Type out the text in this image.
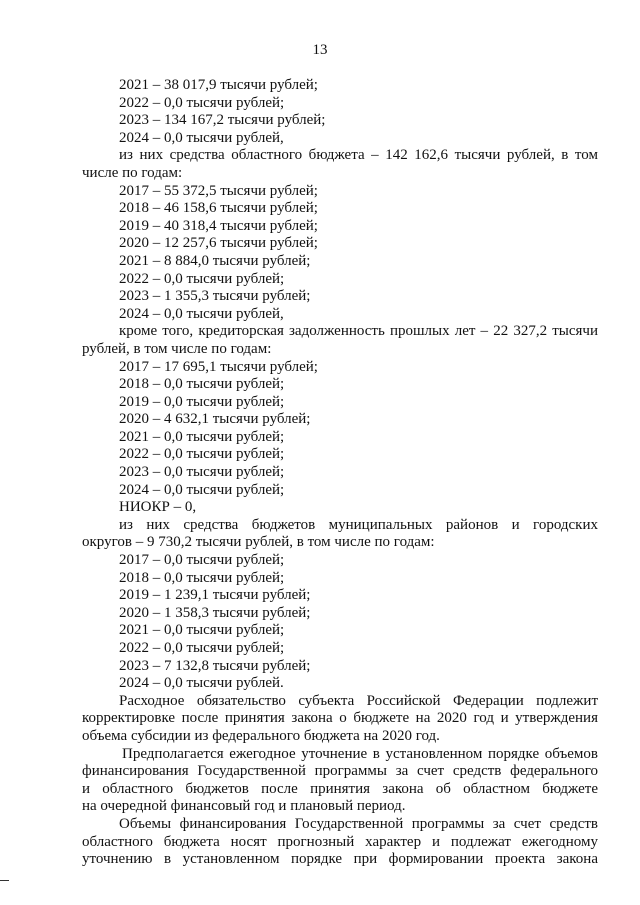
13
2021 – 38 017,9 тысячи рублей;
2022 – 0,0 тысячи рублей;
2023 – 134 167,2 тысячи рублей;
2024 – 0,0 тысячи рублей,
из них средства областного бюджета – 142 162,6 тысячи рублей, в том
числе по годам:
2017 – 55 372,5 тысячи рублей;
2018 – 46 158,6 тысячи рублей;
2019 – 40 318,4 тысячи рублей;
2020 – 12 257,6 тысячи рублей;
2021 – 8 884,0 тысячи рублей;
2022 – 0,0 тысячи рублей;
2023 – 1 355,3 тысячи рублей;
2024 – 0,0 тысячи рублей,
кроме того, кредиторская задолженность прошлых лет – 22 327,2 тысячи
рублей, в том числе по годам:
2017 – 17 695,1 тысячи рублей;
2018 – 0,0 тысячи рублей;
2019 – 0,0 тысячи рублей;
2020 – 4 632,1 тысячи рублей;
2021 – 0,0 тысячи рублей;
2022 – 0,0 тысячи рублей;
2023 – 0,0 тысячи рублей;
2024 – 0,0 тысячи рублей;
НИОКР – 0,
из них средства бюджетов муниципальных районов и городских
округов – 9 730,2 тысячи рублей, в том числе по годам:
2017 – 0,0 тысячи рублей;
2018 – 0,0 тысячи рублей;
2019 – 1 239,1 тысячи рублей;
2020 – 1 358,3 тысячи рублей;
2021 – 0,0 тысячи рублей;
2022 – 0,0 тысячи рублей;
2023 – 7 132,8 тысячи рублей;
2024 – 0,0 тысячи рублей.
Расходное обязательство субъекта Российской Федерации подлежит
корректировке после принятия закона о бюджете на 2020 год и утверждения
объема субсидии из федерального бюджета на 2020 год.
Предполагается ежегодное уточнение в установленном порядке объемов
финансирования Государственной программы за счет средств федерального
и областного бюджетов после принятия закона об областном бюджете
на очередной финансовый год и плановый период.
Объемы финансирования Государственной программы за счет средств
областного бюджета носят прогнозный характер и подлежат ежегодному
уточнению в установленном порядке при формировании проекта закона
